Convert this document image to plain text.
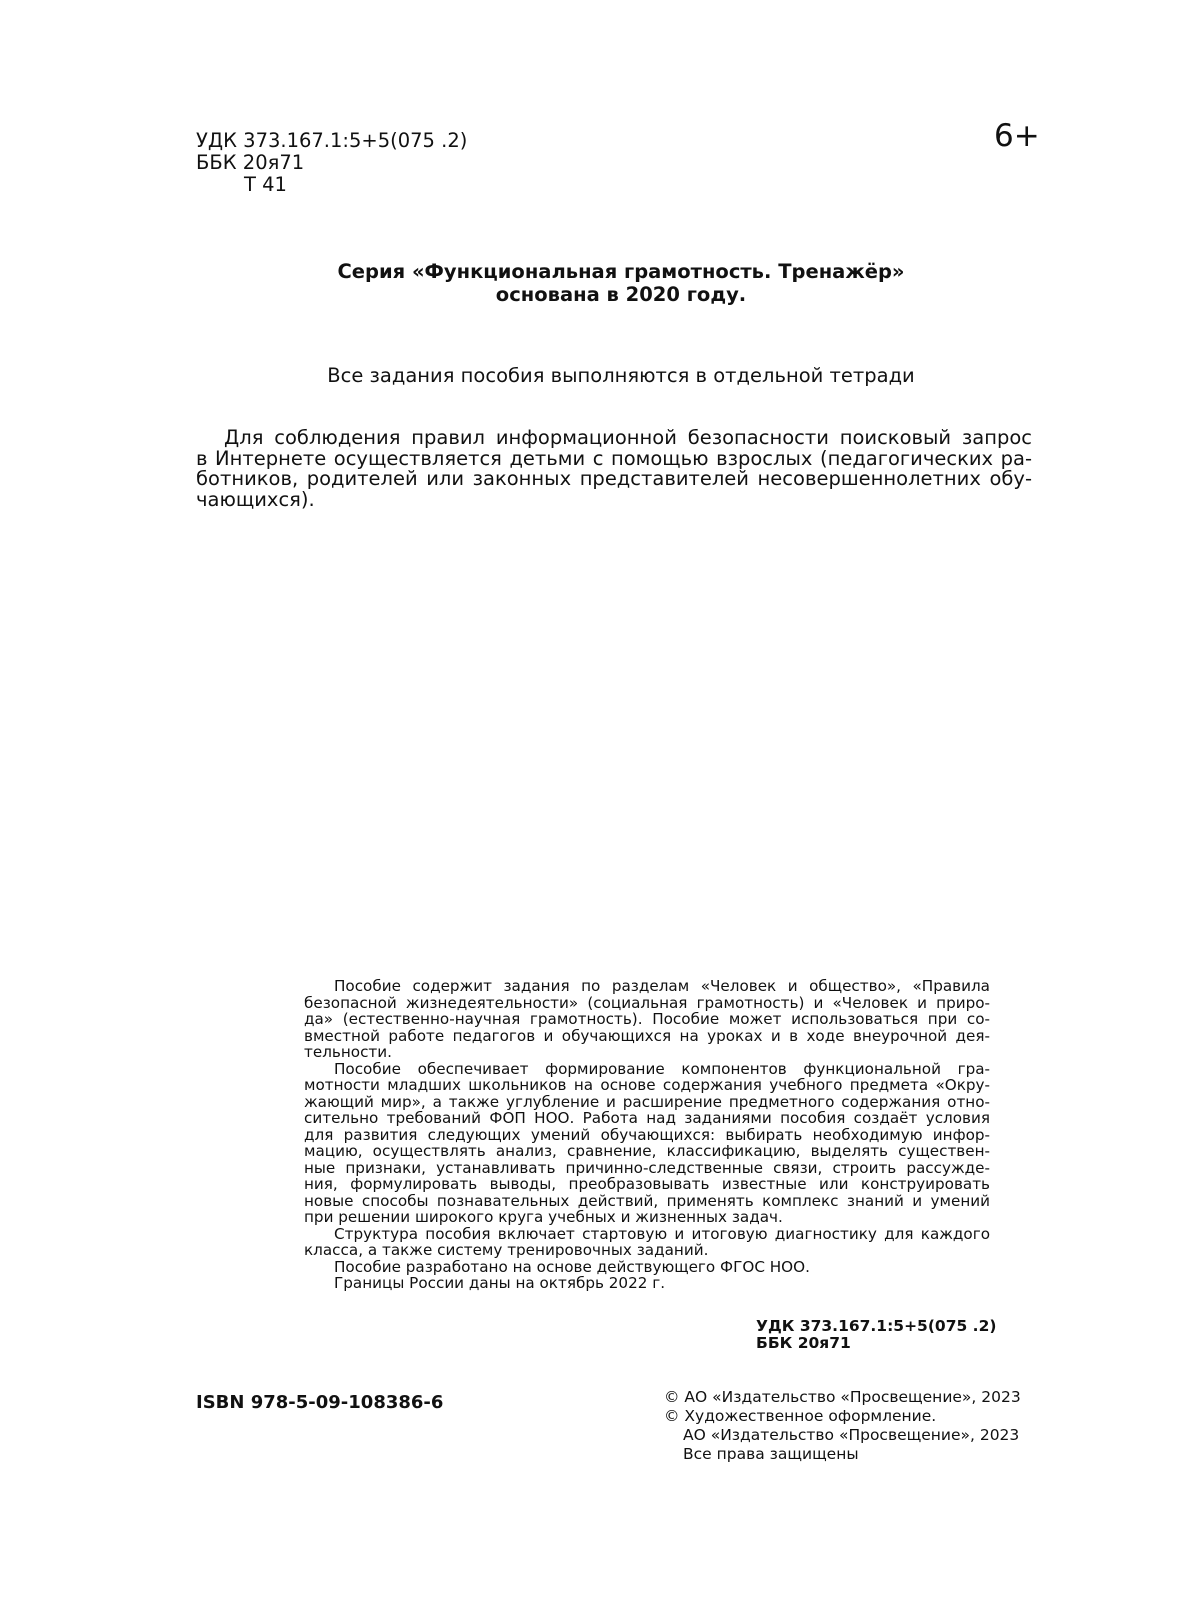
УДК 373.167.1:5+5(075 .2)
ББК 20я71
Т 41
6+
Серия «Функциональная грамотность. Тренажёр»
основана в 2020 году.
Все задания пособия выполняются в отдельной тетради
Для соблюдения правил информационной безопасности поисковый запрос
в Интернете осуществляется детьми с помощью взрослых (педагогических ра-
ботников, родителей или законных представителей несовершеннолетних обу-
чающихся).
Пособие содержит задания по разделам «Человек и общество», «Правила
безопасной жизнедеятельности» (социальная грамотность) и «Человек и приро-
да» (естественно-научная грамотность). Пособие может использоваться при со-
вместной работе педагогов и обучающихся на уроках и в ходе внеурочной дея-
тельности.
Пособие обеспечивает формирование компонентов функциональной гра-
мотности младших школьников на основе содержания учебного предмета «Окру-
жающий мир», а также углубление и расширение предметного содержания отно-
сительно требований ФОП НОО. Работа над заданиями пособия создаёт условия
для развития следующих умений обучающихся: выбирать необходимую инфор-
мацию, осуществлять анализ, сравнение, классификацию, выделять существен-
ные признаки, устанавливать причинно-следственные связи, строить рассужде-
ния, формулировать выводы, преобразовывать известные или конструировать
новые способы познавательных действий, применять комплекс знаний и умений
при решении широкого круга учебных и жизненных задач.
Структура пособия включает стартовую и итоговую диагностику для каждого
класса, а также систему тренировочных заданий.
Пособие разработано на основе действующего ФГОС НОО.
Границы России даны на октябрь 2022 г.
УДК 373.167.1:5+5(075 .2)
ББК 20я71
ISBN 978-5-09-108386-6	© АО «Издательство «Просвещение», 2023
© Художественное оформление.
АО «Издательство «Просвещение», 2023
Все права защищены
